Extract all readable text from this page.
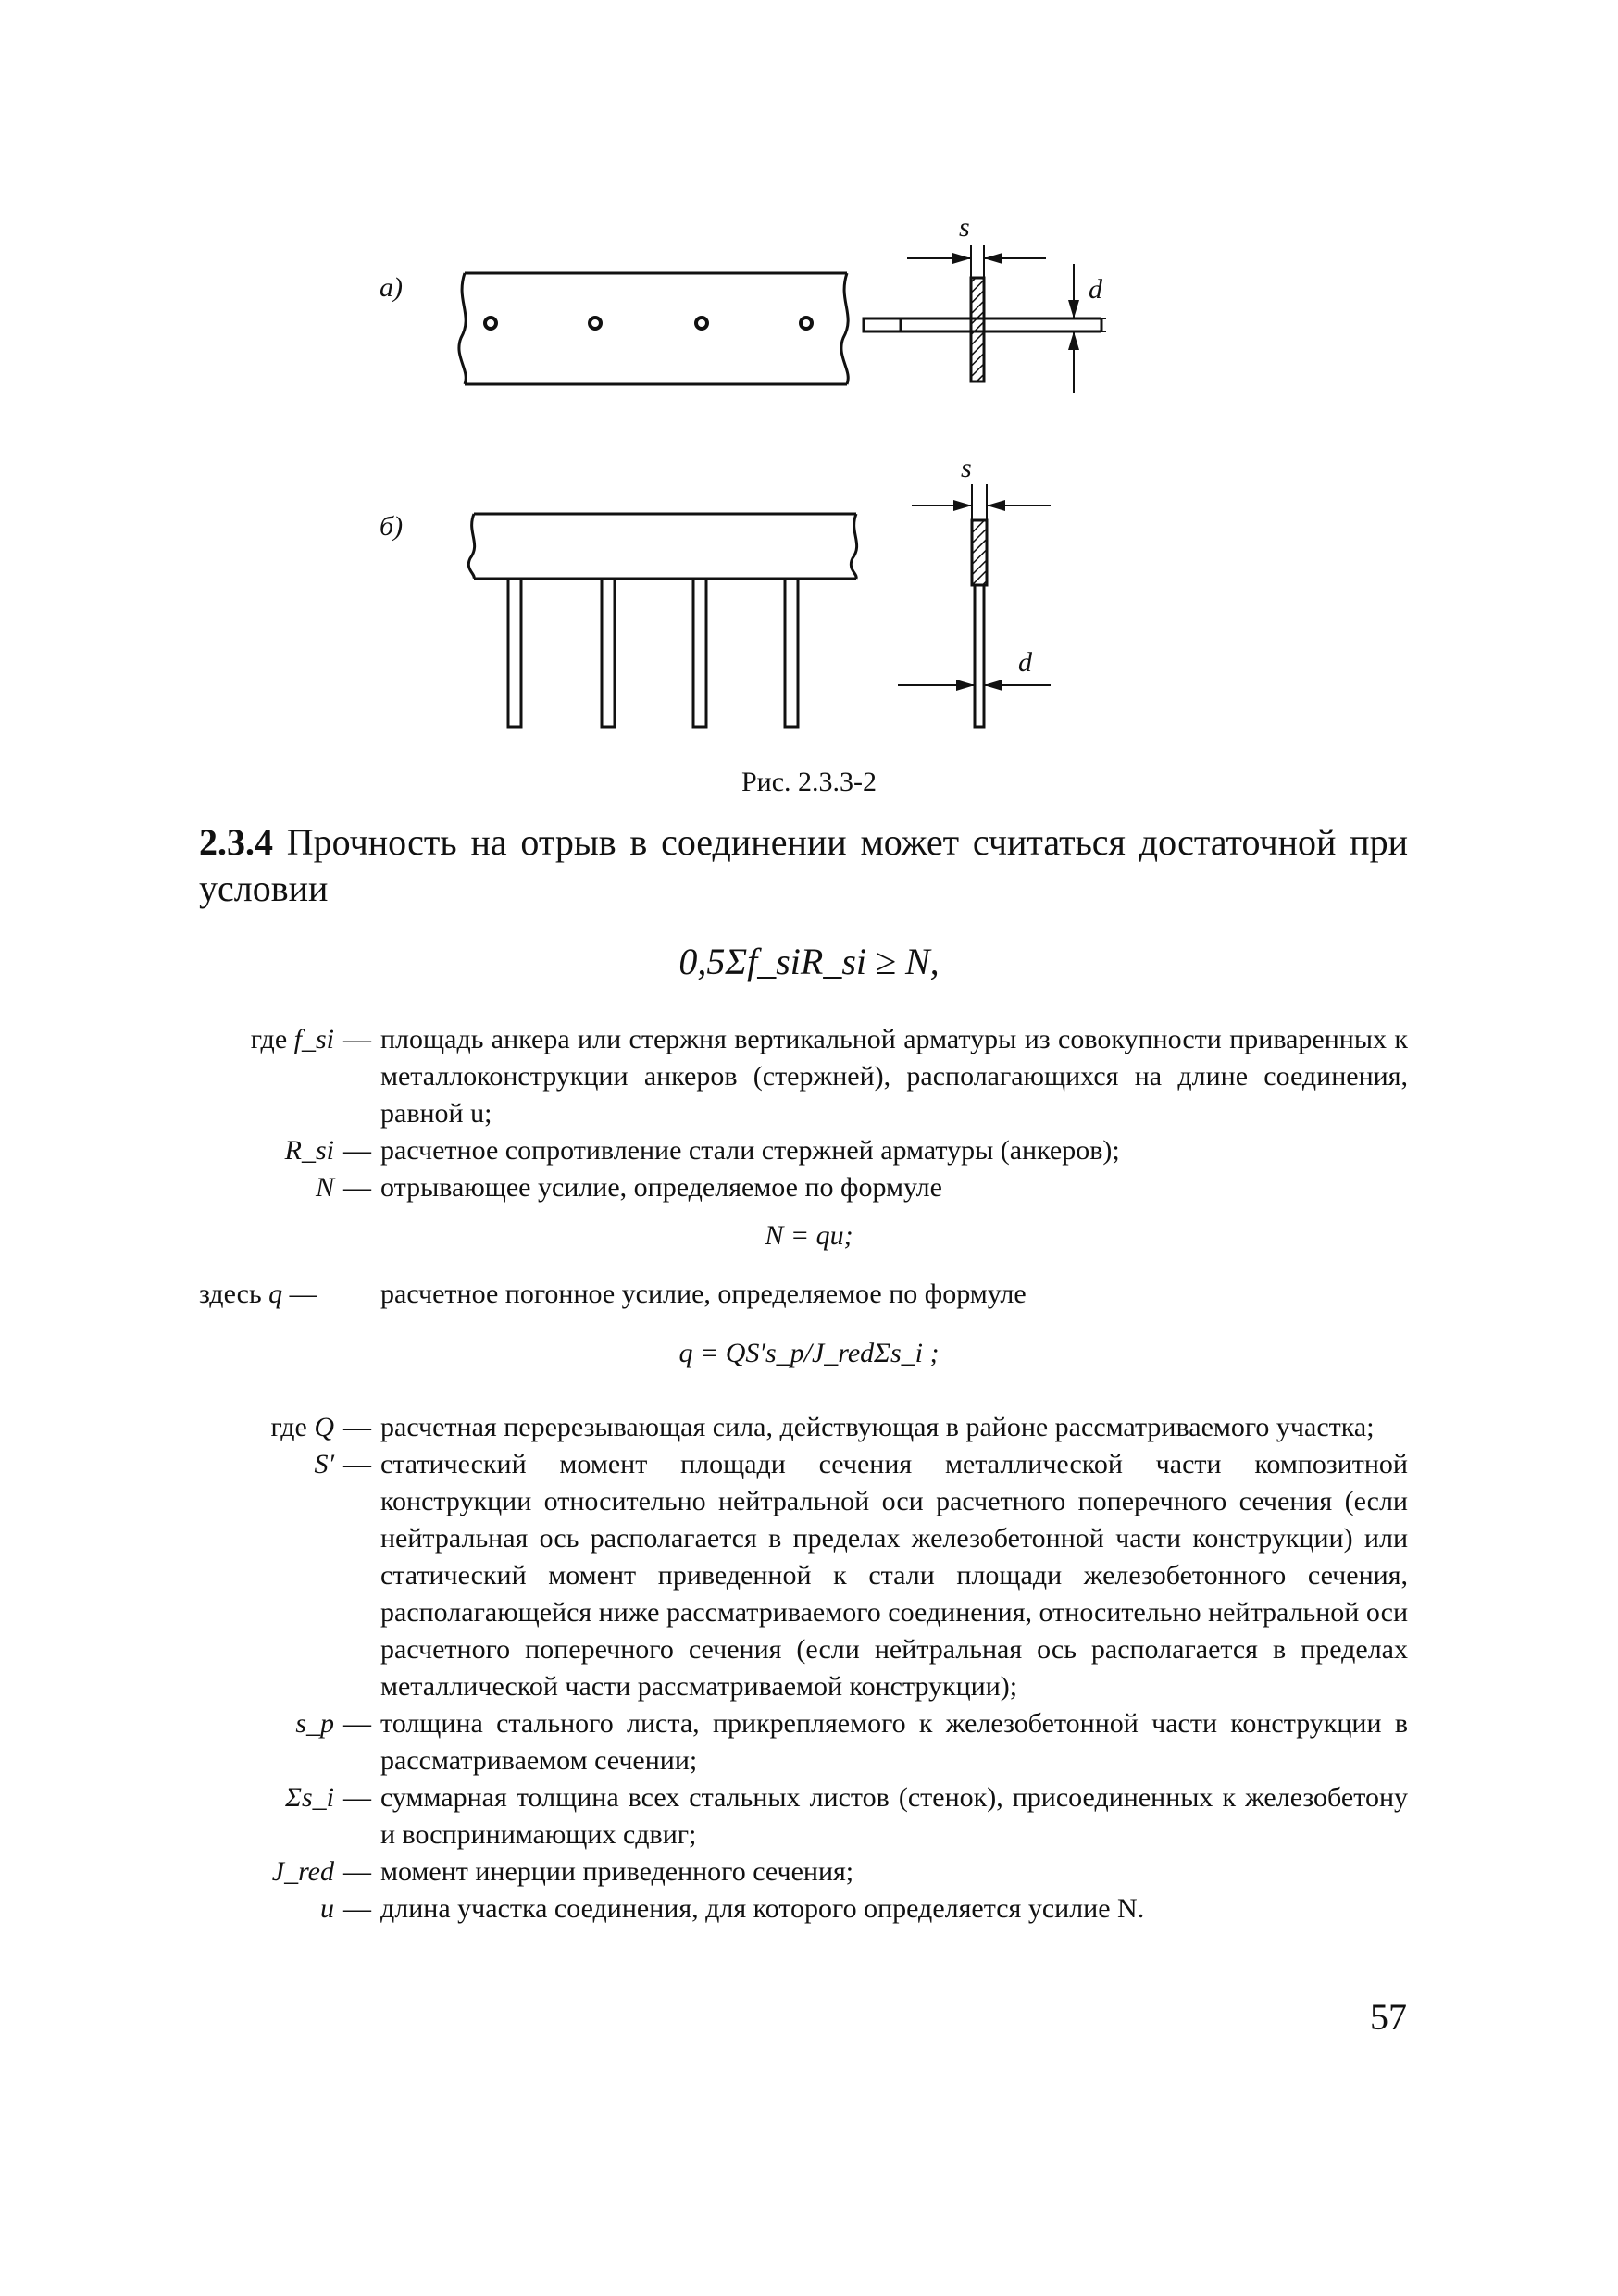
а)
s
d
б)
s
d
Рис. 2.3.3-2
2.3.4 Прочность на отрыв в соединении может считаться достаточной при условии
0,5Σf_siR_si ≥ N,
где f_si — площадь анкера или стержня вертикальной арматуры из совокупности приваренных к металлоконструкции анкеров (стержней), располагающихся на длине соединения, равной u;
R_si — расчетное сопротивление стали стержней арматуры (анкеров);
N — отрывающее усилие, определяемое по формуле
N = qu;
здесь q — расчетное погонное усилие, определяемое по формуле
q = QS′s_p/J_redΣs_i ;
где Q — расчетная перерезывающая сила, действующая в районе рассматриваемого участка;
S′ — статический момент площади сечения металлической части композитной конструкции относительно нейтральной оси расчетного поперечного сечения (если нейтральная ось располагается в пределах железобетонной части конструкции) или статический момент приведенной к стали площади железобетонного сечения, располагающейся ниже рассматриваемого соединения, относительно нейтральной оси расчетного поперечного сечения (если нейтральная ось располагается в пределах металлической части рассматриваемой конструкции);
s_p — толщина стального листа, прикрепляемого к железобетонной части конструкции в рассматриваемом сечении;
Σs_i — суммарная толщина всех стальных листов (стенок), присоединенных к железобетону и воспринимающих сдвиг;
J_red — момент инерции приведенного сечения;
u — длина участка соединения, для которого определяется усилие N.
57
